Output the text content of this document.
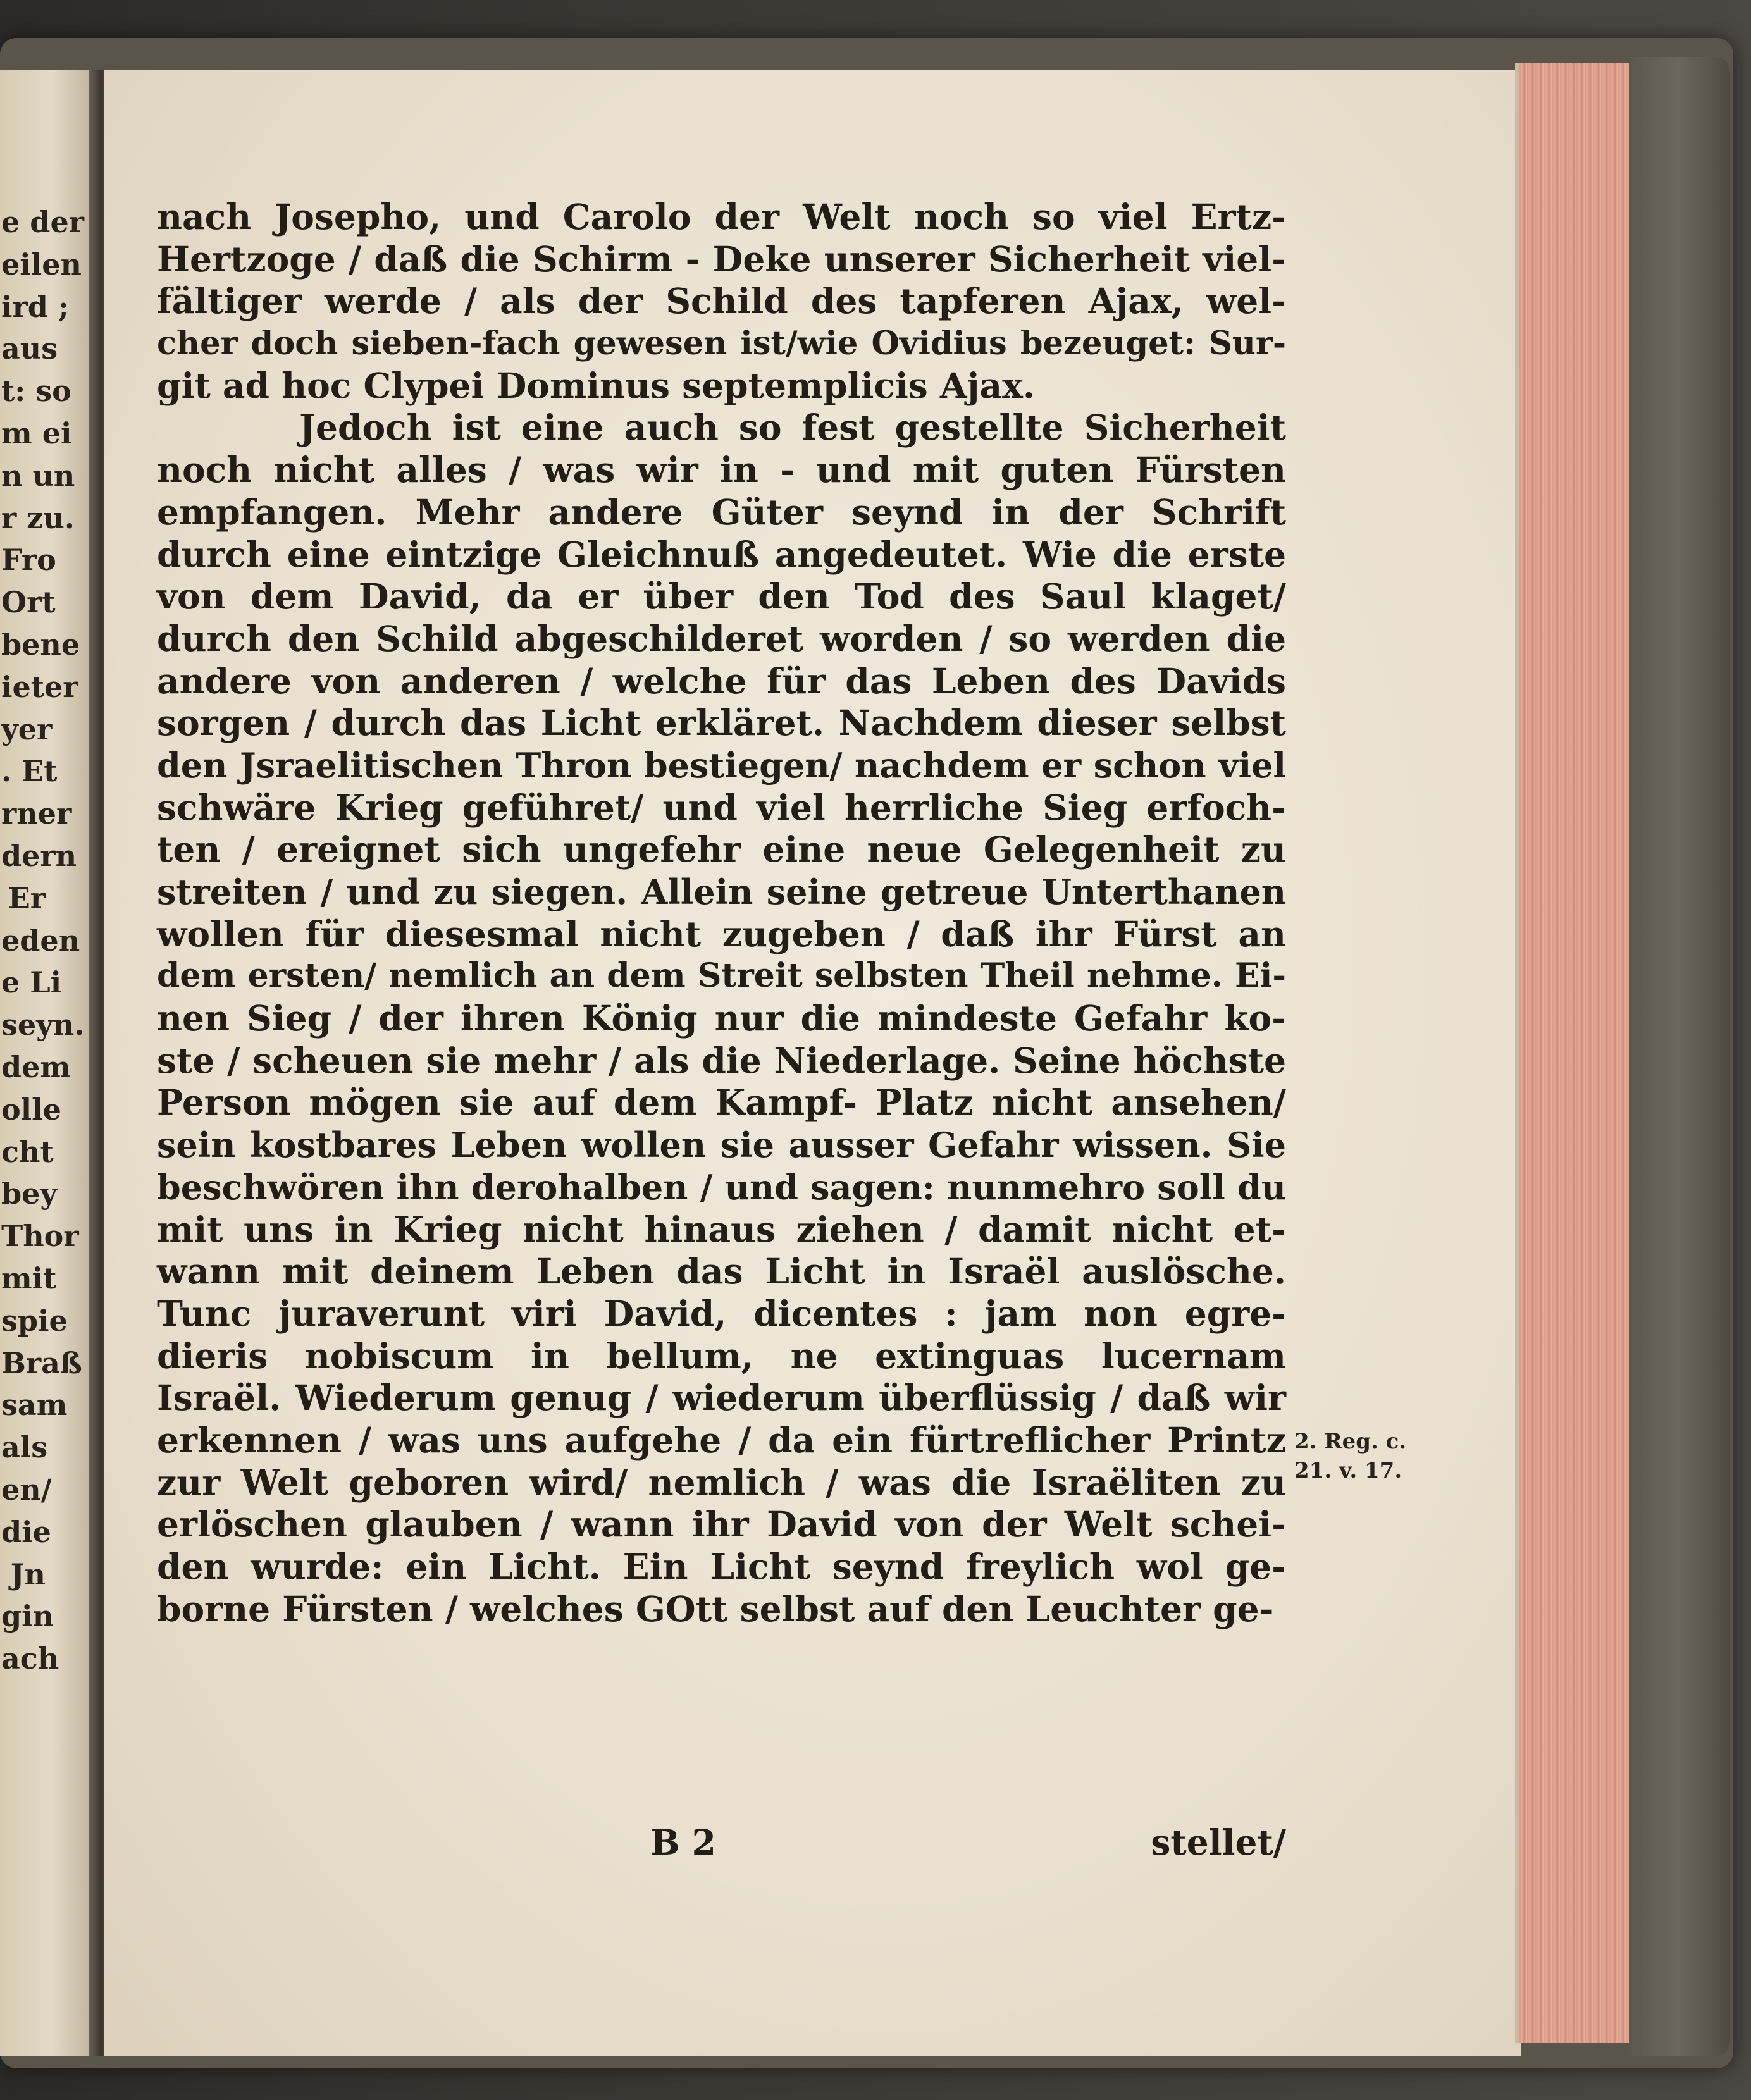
e der
eilen
ird ;
aus
t: so
m ei
n un
r zu.
Fro
Ort
bene
ieter
yer
. Et
rner
dern
Er
eden
e Li
seyn.
dem
olle
cht
bey
Thor
mit
spie
Braß
sam
als
en/
die
Jn
gin
ach
nach Josepho, und Carolo der Welt noch so viel Ertz-
Hertzoge / daß die Schirm - Deke unserer Sicherheit viel-
fältiger werde / als der Schild des tapferen Ajax, wel-
cher doch sieben-fach gewesen ist/wie Ovidius bezeuget: Sur-
git ad hoc Clypei Dominus septemplicis Ajax.
Jedoch ist eine auch so fest gestellte Sicherheit
noch nicht alles / was wir in - und mit guten Fürsten
empfangen. Mehr andere Güter seynd in der Schrift
durch eine eintzige Gleichnuß angedeutet. Wie die erste
von dem David, da er über den Tod des Saul klaget/
durch den Schild abgeschilderet worden / so werden die
andere von anderen / welche für das Leben des Davids
sorgen / durch das Licht erkläret. Nachdem dieser selbst
den Jsraelitischen Thron bestiegen/ nachdem er schon viel
schwäre Krieg geführet/ und viel herrliche Sieg erfoch-
ten / ereignet sich ungefehr eine neue Gelegenheit zu
streiten / und zu siegen. Allein seine getreue Unterthanen
wollen für diesesmal nicht zugeben / daß ihr Fürst an
dem ersten/ nemlich an dem Streit selbsten Theil nehme. Ei-
nen Sieg / der ihren König nur die mindeste Gefahr ko-
ste / scheuen sie mehr / als die Niederlage. Seine höchste
Person mögen sie auf dem Kampf- Platz nicht ansehen/
sein kostbares Leben wollen sie ausser Gefahr wissen. Sie
beschwören ihn derohalben / und sagen: nunmehro soll du
mit uns in Krieg nicht hinaus ziehen / damit nicht et-
wann mit deinem Leben das Licht in Israël auslösche.
Tunc juraverunt viri David, dicentes : jam non egre-
dieris nobiscum in bellum, ne extinguas lucernam
Israël. Wiederum genug / wiederum überflüssig / daß wir
erkennen / was uns aufgehe / da ein fürtreflicher Printz
zur Welt geboren wird/ nemlich / was die Israëliten zu
erlöschen glauben / wann ihr David von der Welt schei-
den wurde: ein Licht. Ein Licht seynd freylich wol ge-
borne Fürsten / welches GOtt selbst auf den Leuchter ge-
2. Reg. c.
21. v. 17.
B 2	stellet/
